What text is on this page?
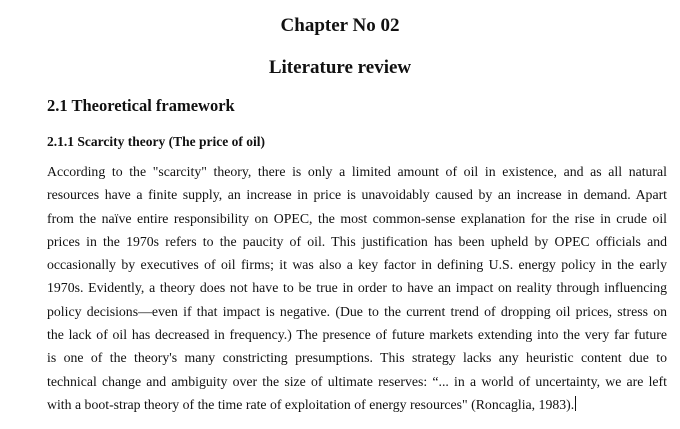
Chapter No 02
Literature review
2.1 Theoretical framework
2.1.1 Scarcity theory (The price of oil)
According to the "scarcity" theory, there is only a limited amount of oil in existence, and as all natural
resources have a finite supply, an increase in price is unavoidably caused by an increase in demand. Apart
from the naïve entire responsibility on OPEC, the most common-sense explanation for the rise in crude oil
prices in the 1970s refers to the paucity of oil. This justification has been upheld by OPEC officials and
occasionally by executives of oil firms; it was also a key factor in defining U.S. energy policy in the early
1970s. Evidently, a theory does not have to be true in order to have an impact on reality through influencing
policy decisions—even if that impact is negative. (Due to the current trend of dropping oil prices, stress on
the lack of oil has decreased in frequency.) The presence of future markets extending into the very far future
is one of the theory's many constricting presumptions. This strategy lacks any heuristic content due to
technical change and ambiguity over the size of ultimate reserves: “... in a world of uncertainty, we are left
with a boot-strap theory of the time rate of exploitation of energy resources" (Roncaglia, 1983).
